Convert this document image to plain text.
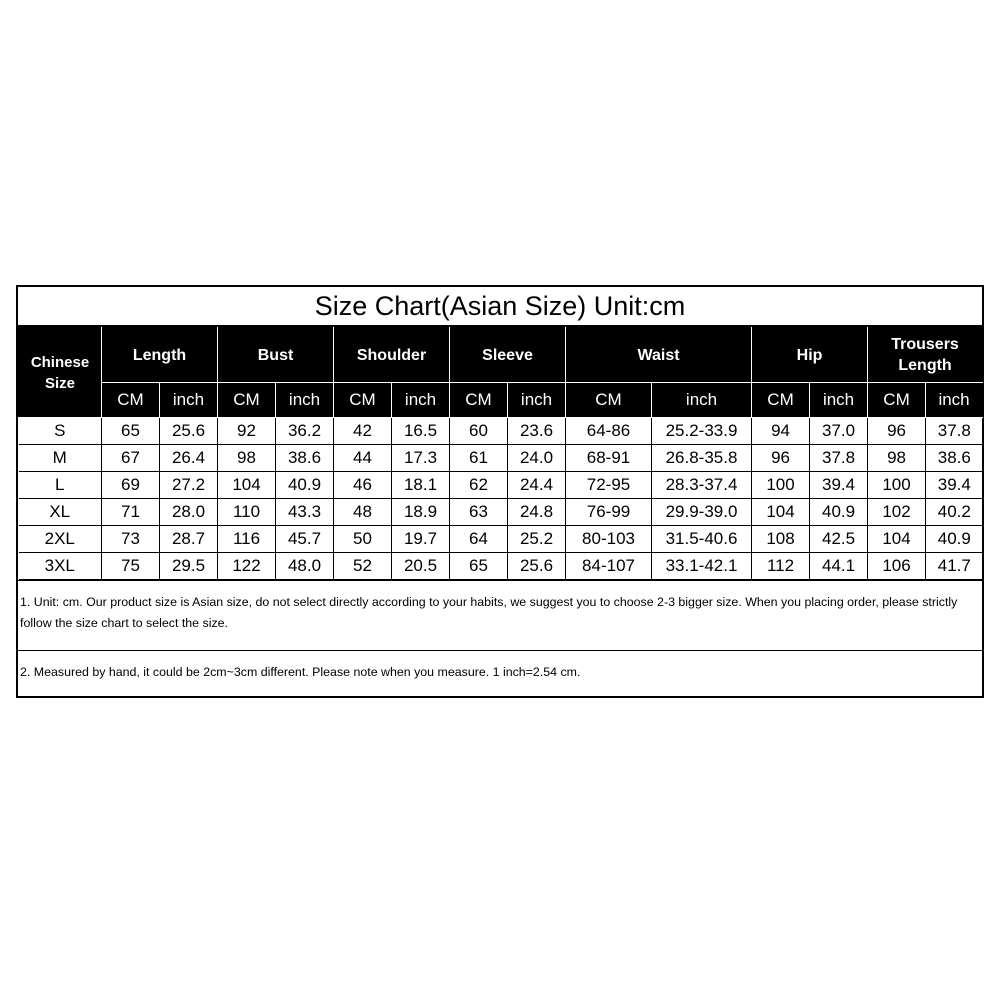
Size Chart(Asian Size) Unit:cm
Chinese Size	Length		Bust		Shoulder		Sleeve		Waist		Hip		Trousers Length	
	CM	inch	CM	inch	CM	inch	CM	inch	CM	inch	CM	inch	CM	inch
S	65	25.6	92	36.2	42	16.5	60	23.6	64-86	25.2-33.9	94	37.0	96	37.8
M	67	26.4	98	38.6	44	17.3	61	24.0	68-91	26.8-35.8	96	37.8	98	38.6
L	69	27.2	104	40.9	46	18.1	62	24.4	72-95	28.3-37.4	100	39.4	100	39.4
XL	71	28.0	110	43.3	48	18.9	63	24.8	76-99	29.9-39.0	104	40.9	102	40.2
2XL	73	28.7	116	45.7	50	19.7	64	25.2	80-103	31.5-40.6	108	42.5	104	40.9
3XL	75	29.5	122	48.0	52	20.5	65	25.6	84-107	33.1-42.1	112	44.1	106	41.7
1. Unit: cm. Our product size is Asian size, do not select directly according to your habits, we suggest you to choose 2-3 bigger size. When you placing order, please strictly follow the size chart to select the size.
2. Measured by hand, it could be 2cm~3cm different. Please note when you measure. 1 inch=2.54 cm.
